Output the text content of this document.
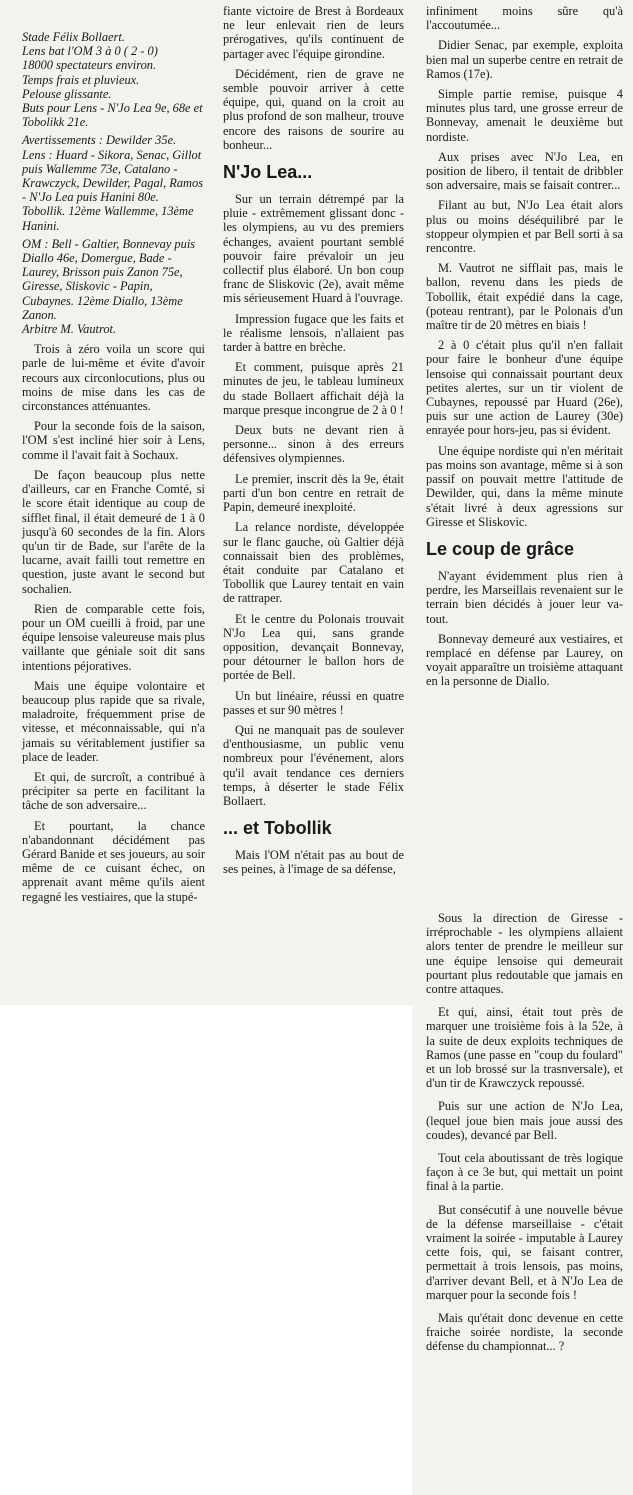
Stade Félix Bollaert.

Lens bat l'OM 3 à 0 ( 2 - 0)

18000 spectateurs environ.

Temps frais et pluvieux.

Pelouse glissante.

Buts pour Lens - N'Jo Lea 9e, 68e et Tobolikk 21e.

Avertissements : Dewilder 35e.

Lens : Huard - Sikora, Senac, Gillot puis Wallemme 73e, Catalano - Krawczyck, Dewilder, Pagal, Ramos - N'Jo Lea puis Hanini 80e. Tobollik. 12ème Wallemme, 13ème Hanini.

OM : Bell - Galtier, Bonnevay puis Diallo 46e, Domergue, Bade - Laurey, Brisson puis Zanon 75e, Giresse, Sliskovic - Papin, Cubaynes. 12ème Diallo, 13ème Zanon.

Arbitre M. Vautrot.

Trois à zéro voila un score qui parle de lui-même et évite d'avoir recours aux circonlocutions, plus ou moins de mise dans les cas de circonstances atténuantes.

Pour la seconde fois de la saison, l'OM s'est incliné hier soir à Lens, comme il l'avait fait à Sochaux.

De façon beaucoup plus nette d'ailleurs, car en Franche Comté, si le score était identique au coup de sifflet final, il était demeuré de 1 à 0 jusqu'à 60 secondes de la fin. Alors qu'un tir de Bade, sur l'arête de la lucarne, avait failli tout remettre en question, juste avant le second but sochalien.

Rien de comparable cette fois, pour un OM cueilli à froid, par une équipe lensoise valeureuse mais plus vaillante que géniale soit dit sans intentions péjoratives.

Mais une équipe volontaire et beaucoup plus rapide que sa rivale, maladroite, fréquemment prise de vitesse, et méconnaissable, qui n'a jamais su véritablement justifier sa place de leader.

Et qui, de surcroît, a contribué à précipiter sa perte en facilitant la tâche de son adversaire...

Et pourtant, la chance n'abandonnant décidément pas Gérard Banide et ses joueurs, au soir même de ce cuisant échec, on apprenait avant même qu'ils aient regagné les vestiaires, que la stupé-

fiante victoire de Brest à Bordeaux ne leur enlevait rien de leurs prérogatives, qu'ils continuent de partager avec l'équipe girondine.

Décidément, rien de grave ne semble pouvoir arriver à cette équipe, qui, quand on la croit au plus profond de son malheur, trouve encore des raisons de sourire au bonheur...

N'Jo Lea...

Sur un terrain détrempé par la pluie - extrêmement glissant donc - les olympiens, au vu des premiers échanges, avaient pourtant semblé pouvoir faire prévaloir un jeu collectif plus élaboré. Un bon coup franc de Sliskovic (2e), avait même mis sérieusement Huard à l'ouvrage.

Impression fugace que les faits et le réalisme lensois, n'allaient pas tarder à battre en brèche.

Et comment, puisque après 21 minutes de jeu, le tableau lumineux du stade Bollaert affichait déjà la marque presque incongrue de 2 à 0 !

Deux buts ne devant rien à personne... sinon à des erreurs défensives olympiennes.

Le premier, inscrit dès la 9e, était parti d'un bon centre en retrait de Papin, demeuré inexploité.

La relance nordiste, développée sur le flanc gauche, où Galtier déjà connaissait bien des problèmes, était conduite par Catalano et Tobollik que Laurey tentait en vain de rattraper.

Et le centre du Polonais trouvait N'Jo Lea qui, sans grande opposition, devançait Bonnevay, pour détourner le ballon hors de portée de Bell.

Un but linéaire, réussi en quatre passes et sur 90 mètres !

Qui ne manquait pas de soulever d'enthousiasme, un public venu nombreux pour l'événement, alors qu'il avait tendance ces derniers temps, à déserter le stade Félix Bollaert.

... et Tobollik

Mais l'OM n'était pas au bout de ses peines, à l'image de sa défense,

infiniment moins sûre qu'à l'accoutumée...

Didier Senac, par exemple, exploita bien mal un superbe centre en retrait de Ramos (17e).

Simple partie remise, puisque 4 minutes plus tard, une grosse erreur de Bonnevay, amenait le deuxième but nordiste.

Aux prises avec N'Jo Lea, en position de libero, il tentait de dribbler son adversaire, mais se faisait contrer...

Filant au but, N'Jo Lea était alors plus ou moins déséquilibré par le stoppeur olympien et par Bell sorti à sa rencontre.

M. Vautrot ne sifflait pas, mais le ballon, revenu dans les pieds de Tobollik, était expédié dans la cage, (poteau rentrant), par le Polonais d'un maître tir de 20 mètres en biais !

2 à 0 c'était plus qu'il n'en fallait pour faire le bonheur d'une équipe lensoise qui connaissait pourtant deux petites alertes, sur un tir violent de Cubaynes, repoussé par Huard (26e), puis sur une action de Laurey (30e) enrayée pour hors-jeu, pas si évident.

Une équipe nordiste qui n'en méritait pas moins son avantage, même si à son passif on pouvait mettre l'attitude de Dewilder, qui, dans la même minute s'était livré à deux agressions sur Giresse et Sliskovic.

Le coup de grâce

N'ayant évidemment plus rien à perdre, les Marseillais revenaient sur le terrain bien décidés à jouer leur va-tout.

Bonnevay demeuré aux vestiaires, et remplacé en défense par Laurey, on voyait apparaître un troisième attaquant en la personne de Diallo.

Sous la direction de Giresse - irréprochable - les olympiens allaient alors tenter de prendre le meilleur sur une équipe lensoise qui demeurait pourtant plus redoutable que jamais en contre attaques.

Et qui, ainsi, était tout près de marquer une troisième fois à la 52e, à la suite de deux exploits techniques de Ramos (une passe en "coup du foulard" et un lob brossé sur la trasnversale), et d'un tir de Krawczyck repoussé.

Puis sur une action de N'Jo Lea, (lequel joue bien mais joue aussi des coudes), devancé par Bell.

Tout cela aboutissant de très logique façon à ce 3e but, qui mettait un point final à la partie.

But consécutif à une nouvelle bévue de la défense marseillaise - c'était vraiment la soirée - imputable à Laurey cette fois, qui, se faisant contrer, permettait à trois lensois, pas moins, d'arriver devant Bell, et à N'Jo Lea de marquer pour la seconde fois !

Mais qu'était donc devenue en cette fraiche soirée nordiste, la seconde défense du championnat... ?
